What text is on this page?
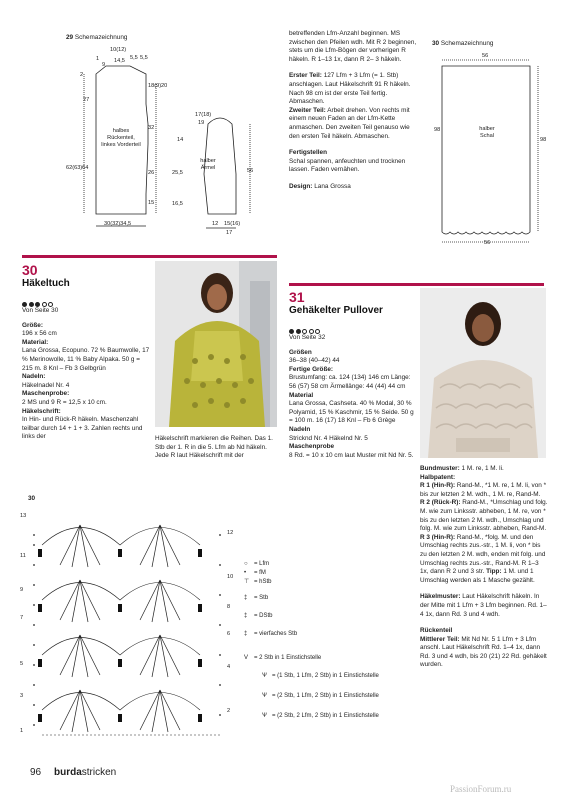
29 Schemazeichnung
10(12)
1
9
14,5 5,5 5,5
2
27
18(9)20
32
halbes Rückenteil, linkes Vorderteil
62(63)64
26
15
30(32)34,5
17(18)
19
14
halber Ärmel
25,5	56
16,5
12 15(16)
17

betreffenden Lfm-Anzahl beginnen. MS zwischen den Pfeilen wdh. Mit R 2 beginnen, stets um die Lfm-Bögen der vorherigen R häkeln. R 1–13 1x, dann R 2– 3 häkeln.

Erster Teil: 127 Lfm + 3 Lfm (= 1. Stb) anschlagen. Laut Häkelschrift 91 R häkeln. Nach 98 cm ist der erste Teil fertig. Abmaschen.

Zweiter Teil: Arbeit drehen. Von rechts mit einem neuen Faden an der Lfm-Kette anmaschen. Den zweiten Teil genauso wie den ersten Teil häkeln. Abmaschen.

Fertigstellen

Schal spannen, anfeuchten und trocknen lassen. Faden vernähen.

Design: Lana Grossa

30 Schemazeichnung
56
98	halber Schal
98
56
30
Häkeltuch

Von Seite 30

Größe:

196 x 56 cm

Material:

Lana Grossa, Ecopuno. 72 % Baumwolle, 17 % Merinowolle, 11 % Baby Alpaka. 50 g = 215 m. 8 Knl – Fb 3 Gelbgrün

Nadeln:

Häkelnadel Nr. 4

Maschenprobe:

2 MS und 9 R = 12,5 x 10 cm.

Häkelschrift:

In Hin- und Rück-R häkeln. Maschenzahl teilbar durch 14 + 1 + 3. Zahlen rechts und links der	Häkelschrift markieren die Reihen. Das 1. Stb der 1. R in die 5. Lfm ab Nd häkeln. Jede R laut Häkelschrift mit der
31
Gehäkelter Pullover

Von Seite 32

Größen

36–38 (40–42) 44

Fertige Größe:

Brustumfang: ca. 124 (134) 146 cm Länge: 56 (57) 58 cm Ärmellänge: 44 (44) 44 cm

Material

Lana Grossa, Cashseta. 40 % Modal, 30 % Polyamid, 15 % Kaschmir, 15 % Seide. 50 g = 100 m. 16 (17) 18 Knl – Fb 6 Grège

Nadeln

Stricknd Nr. 4 Häkelnd Nr. 5

Maschenprobe

8 Rd. = 10 x 10 cm laut Muster mit Nd Nr. 5.

Bundmuster: 1 M. re, 1 M. li.

Halbpatent:

R 1 (Hin-R): Rand-M., *1 M. re, 1 M. li, von * bis zur letzten 2 M. wdh., 1 M. re, Rand-M.

R 2 (Rück-R): Rand-M., *Umschlag und folg. M. wie zum Linksstr. abheben, 1 M. re, von * bis zu den letzten 2 M. wdh., Umschlag und folg. M. wie zum Linksstr. abheben, Rand-M.

R 3 (Hin-R): Rand-M., *folg. M. und den Umschlag rechts zus.-str., 1 M. li, von * bis zu den letzten 2 M. wdh, enden mit folg. und Umschlag rechts zus.-str., Rand-M. R 1–3 1x, dann R 2 und 3 str. Tipp: 1 M. und 1 Umschlag werden als 1 Masche gezählt.

Häkelmuster: Laut Häkelschrift häkeln. In der Mitte mit 1 Lfm + 3 Lfm beginnen. Rd. 1–4 1x, dann Rd. 3 und 4 wdh.

Rückenteil

Mittlerer Teil: Mit Nd Nr. 5 1 Lfm + 3 Lfm anschl. Laut Häkelschrift Rd. 1–4 1x, dann Rd. 3 und 4 wdh, bis 20 (21) 22 Rd. gehäkelt wurden.

30
13
11
9
7
5
3
1
12
10
8
6
4
2
○ = Lfm
• = fM
⊤ = hStb
‡ = Stb
‡ = DStb
‡ = vierfaches Stb
V = 2 Stb in 1 Einstichstelle
Ѱ = (1 Stb, 1 Lfm, 2 Stb) in 1 Einstichstelle
Ѱ = (2 Stb, 1 Lfm, 2 Stb) in 1 Einstichstelle
Ѱ = (2 Stb, 2 Lfm, 2 Stb) in 1 Einstichstelle
96 burdastricken
PassionForum.ru
